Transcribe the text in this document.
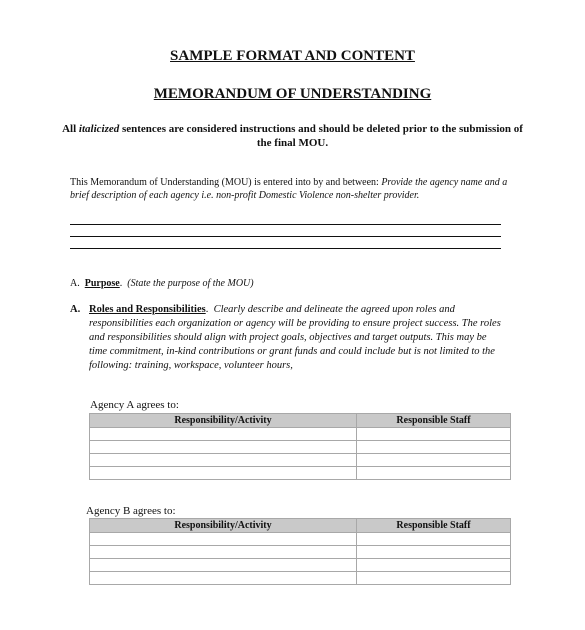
SAMPLE FORMAT AND CONTENT
MEMORANDUM OF UNDERSTANDING
All italicized sentences are considered instructions and should be deleted prior to the submission of the final MOU.
This Memorandum of Understanding (MOU) is entered into by and between: Provide the agency name and a brief description of each agency i.e. non-profit Domestic Violence non-shelter provider.
A. Purpose.  (State the purpose of the MOU)
A. Roles and Responsibilities.  Clearly describe and delineate the agreed upon roles and responsibilities each organization or agency will be providing to ensure project success. The roles and responsibilities should align with project goals, objectives and target outputs. This may be time commitment, in-kind contributions or grant funds and could include but is not limited to the following: training, workspace, volunteer hours,
Agency A agrees to:
Responsibility/Activity	Responsible Staff

Agency B agrees to:
Responsibility/Activity	Responsible Staff
